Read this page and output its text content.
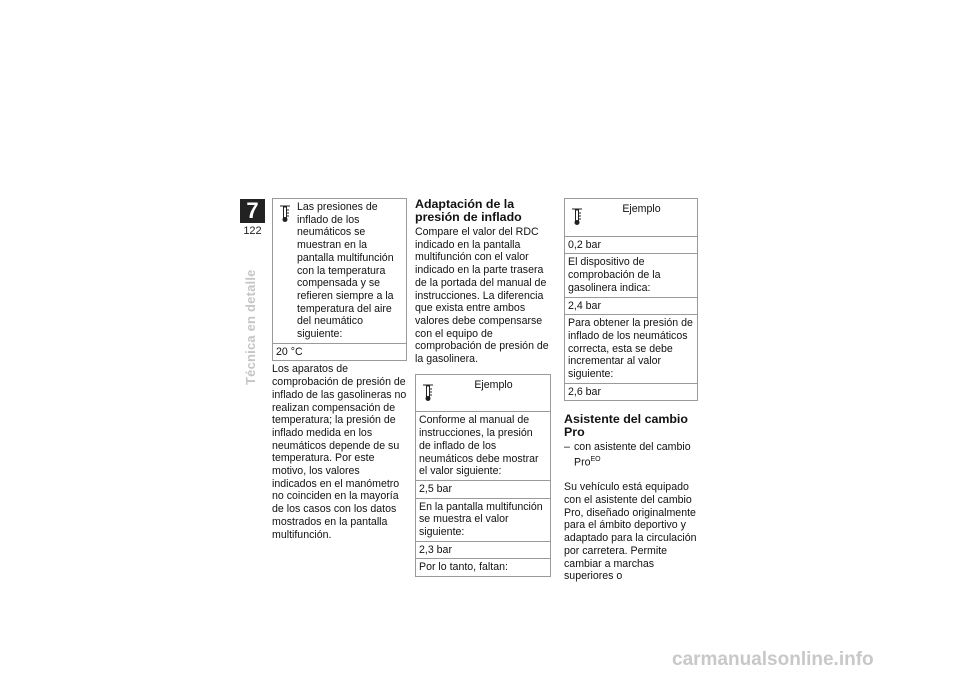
7
122
Técnica en detalle
Las presiones de inflado de los neumáticos se muestran en la pantalla multifunción con la temperatura compensada y se refieren siempre a la temperatura del aire del neumático siguiente:
20 °C

Los aparatos de comprobación de presión de inflado de las gasolineras no realizan compensación de temperatura; la presión de inflado medida en los neumáticos depende de su temperatura. Por este motivo, los valores indicados en el manómetro no coinciden en la mayoría de los casos con los datos mostrados en la pantalla multifunción.

Adaptación de la presión de inflado

Compare el valor del RDC indicado en la pantalla multifunción con el valor indicado en la parte trasera de la portada del manual de instrucciones. La diferencia que exista entre ambos valores debe compensarse con el equipo de comprobación de presión de la gasolinera.

Ejemplo
Conforme al manual de instrucciones, la presión de inflado de los neumáticos debe mostrar el valor siguiente:
2,5 bar
En la pantalla multifunción se muestra el valor siguiente:
2,3 bar
Por lo tanto, faltan:
Ejemplo
0,2 bar
El dispositivo de comprobación de la gasolinera indica:
2,4 bar
Para obtener la presión de inflado de los neumáticos correcta, esta se debe incrementar al valor siguiente:
2,6 bar
Asistente del cambio Pro
– con asistente del cambio Pro$^{EO}$

Su vehículo está equipado con el asistente del cambio Pro, diseñado originalmente para el ámbito deportivo y adaptado para la circulación por carretera. Permite cambiar a marchas superiores o

carmanualsonline.info
